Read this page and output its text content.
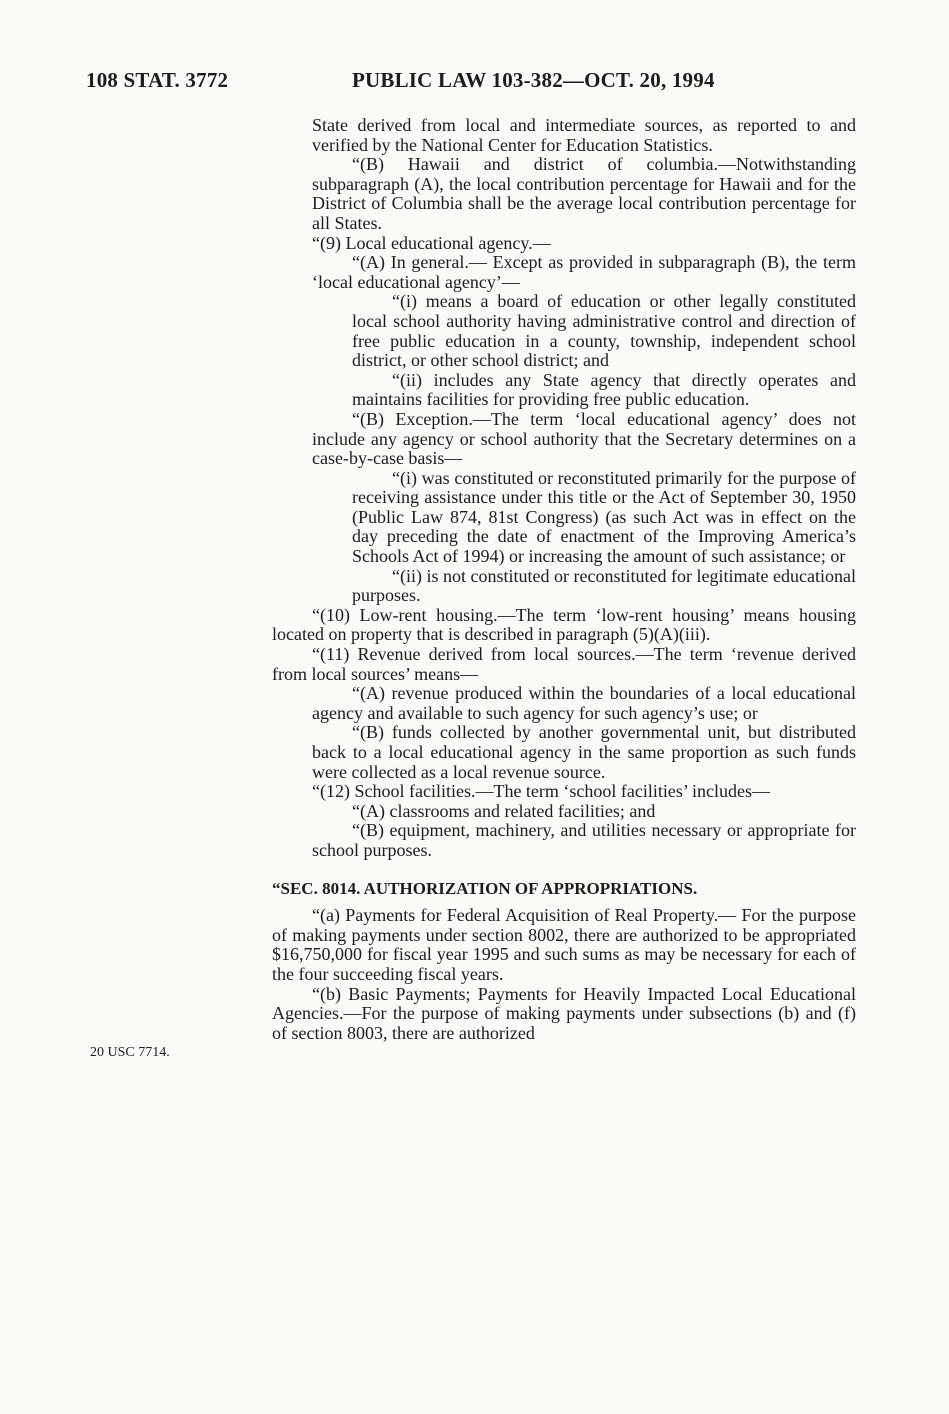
108 STAT. 3772	PUBLIC LAW 103-382—OCT. 20, 1994

State derived from local and intermediate sources, as reported to and verified by the National Center for Education Statistics.

“(B) Hawaii and district of columbia.—Notwithstanding subparagraph (A), the local contribution percentage for Hawaii and for the District of Columbia shall be the average local contribution percentage for all States.

“(9) Local educational agency.—

“(A) In general.— Except as provided in subparagraph (B), the term ‘local educational agency’—

“(i) means a board of education or other legally constituted local school authority having administrative control and direction of free public education in a county, township, independent school district, or other school district; and

“(ii) includes any State agency that directly operates and maintains facilities for providing free public education.

“(B) Exception.—The term ‘local educational agency’ does not include any agency or school authority that the Secretary determines on a case-by-case basis—

“(i) was constituted or reconstituted primarily for the purpose of receiving assistance under this title or the Act of September 30, 1950 (Public Law 874, 81st Congress) (as such Act was in effect on the day preceding the date of enactment of the Improving America’s Schools Act of 1994) or increasing the amount of such assistance; or

“(ii) is not constituted or reconstituted for legitimate educational purposes.

“(10) Low-rent housing.—The term ‘low-rent housing’ means housing located on property that is described in paragraph (5)(A)(iii).

“(11) Revenue derived from local sources.—The term ‘revenue derived from local sources’ means—

“(A) revenue produced within the boundaries of a local educational agency and available to such agency for such agency’s use; or

“(B) funds collected by another governmental unit, but distributed back to a local educational agency in the same proportion as such funds were collected as a local revenue source.

“(12) School facilities.—The term ‘school facilities’ includes—

“(A) classrooms and related facilities; and

“(B) equipment, machinery, and utilities necessary or appropriate for school purposes.

“SEC. 8014. AUTHORIZATION OF APPROPRIATIONS.

“(a) Payments for Federal Acquisition of Real Property.— For the purpose of making payments under section 8002, there are authorized to be appropriated $16,750,000 for fiscal year 1995 and such sums as may be necessary for each of the four succeeding fiscal years.

“(b) Basic Payments; Payments for Heavily Impacted Local Educational Agencies.—For the purpose of making payments under subsections (b) and (f) of section 8003, there are authorized

20 USC 7714.
